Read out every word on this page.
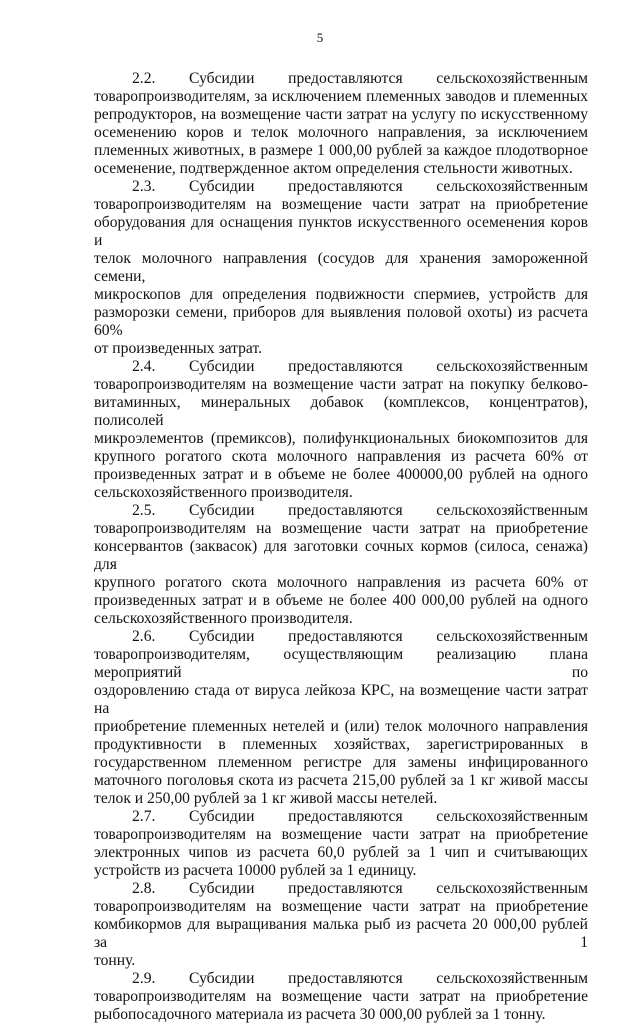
5

2.2. Субсидии предоставляются сельскохозяйственным
товаропроизводителям, за исключением племенных заводов и племенных
репродукторов, на возмещение части затрат на услугу по искусственному
осеменению коров и телок молочного направления, за исключением
племенных животных, в размере 1 000,00 рублей за каждое плодотворное
осеменение, подтвержденное актом определения стельности животных.

2.3. Субсидии предоставляются сельскохозяйственным
товаропроизводителям на возмещение части затрат на приобретение
оборудования для оснащения пунктов искусственного осеменения коров и
телок молочного направления (сосудов для хранения замороженной семени,
микроскопов для определения подвижности спермиев, устройств для
разморозки семени, приборов для выявления половой охоты) из расчета 60%
от произведенных затрат.

2.4. Субсидии предоставляются сельскохозяйственным
товаропроизводителям на возмещение части затрат на покупку белково-
витаминных, минеральных добавок (комплексов, концентратов), полисолей
микроэлементов (премиксов), полифункциональных биокомпозитов для
крупного рогатого скота молочного направления из расчета 60% от
произведенных затрат и в объеме не более 400000,00 рублей на одного
сельскохозяйственного производителя.

2.5. Субсидии предоставляются сельскохозяйственным
товаропроизводителям на возмещение части затрат на приобретение
консервантов (заквасок) для заготовки сочных кормов (силоса, сенажа) для
крупного рогатого скота молочного направления из расчета 60% от
произведенных затрат и в объеме не более 400 000,00 рублей на одного
сельскохозяйственного производителя.

2.6. Субсидии предоставляются сельскохозяйственным
товаропроизводителям, осуществляющим реализацию плана мероприятий по
оздоровлению стада от вируса лейкоза КРС, на возмещение части затрат на
приобретение племенных нетелей и (или) телок молочного направления
продуктивности в племенных хозяйствах, зарегистрированных в
государственном племенном регистре для замены инфицированного
маточного поголовья скота из расчета 215,00 рублей за 1 кг живой массы
телок и 250,00 рублей за 1 кг живой массы нетелей.

2.7. Субсидии предоставляются сельскохозяйственным
товаропроизводителям на возмещение части затрат на приобретение
электронных чипов из расчета 60,0 рублей за 1 чип и считывающих
устройств из расчета 10000 рублей за 1 единицу.

2.8. Субсидии предоставляются сельскохозяйственным
товаропроизводителям на возмещение части затрат на приобретение
комбикормов для выращивания малька рыб из расчета 20 000,00 рублей за 1
тонну.

2.9. Субсидии предоставляются сельскохозяйственным
товаропроизводителям на возмещение части затрат на приобретение
рыбопосадочного материала из расчета 30 000,00 рублей за 1 тонну.
